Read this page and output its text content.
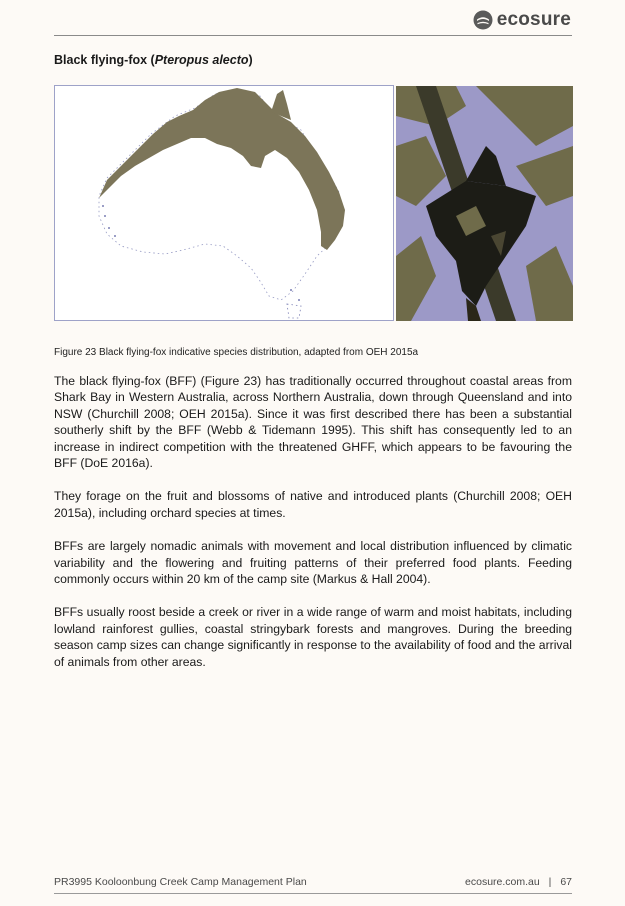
ecosure
Black flying-fox (Pteropus alecto)
Figure 23 Black flying-fox indicative species distribution, adapted from OEH 2015a

The black flying-fox (BFF) (Figure 23) has traditionally occurred throughout coastal areas from Shark Bay in Western Australia, across Northern Australia, down through Queensland and into NSW (Churchill 2008; OEH 2015a). Since it was first described there has been a substantial southerly shift by the BFF (Webb & Tidemann 1995). This shift has consequently led to an increase in indirect competition with the threatened GHFF, which appears to be favouring the BFF (DoE 2016a).

They forage on the fruit and blossoms of native and introduced plants (Churchill 2008; OEH 2015a), including orchard species at times.

BFFs are largely nomadic animals with movement and local distribution influenced by climatic variability and the flowering and fruiting patterns of their preferred food plants. Feeding commonly occurs within 20 km of the camp site (Markus & Hall 2004).

BFFs usually roost beside a creek or river in a wide range of warm and moist habitats, including lowland rainforest gullies, coastal stringybark forests and mangroves. During the breeding season camp sizes can change significantly in response to the availability of food and the arrival of animals from other areas.

PR3995 Kooloonbung Creek Camp Management Plan	ecosure.com.au | 67
